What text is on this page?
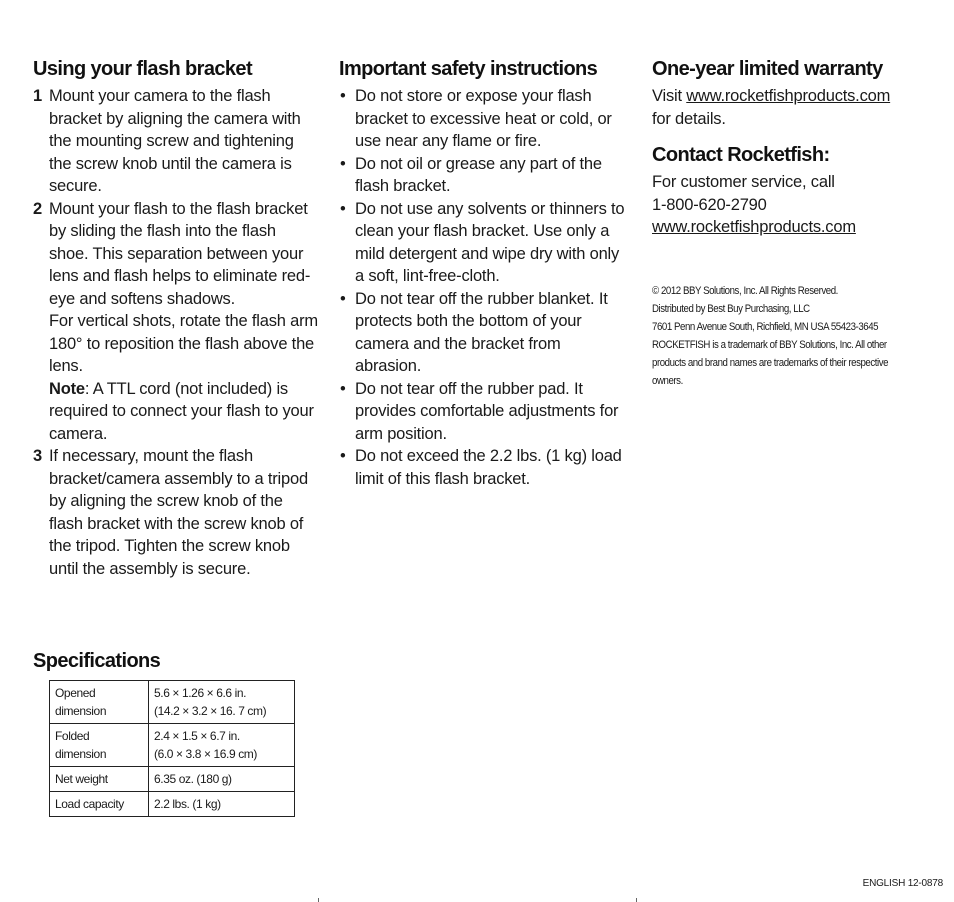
Using your flash bracket
1 Mount your camera to the flash bracket by aligning the camera with the mounting screw and tightening the screw knob until the camera is secure.

2 Mount your flash to the flash bracket by sliding the flash into the flash shoe. This separation between your lens and flash helps to eliminate red-eye and softens shadows.

For vertical shots, rotate the flash arm 180° to reposition the flash above the lens.

Note: A TTL cord (not included) is required to connect your flash to your camera.

3 If necessary, mount the flash bracket/camera assembly to a tripod by aligning the screw knob of the flash bracket with the screw knob of the tripod. Tighten the screw knob until the assembly is secure.

Important safety instructions
• Do not store or expose your flash bracket to excessive heat or cold, or use near any flame or fire.
• Do not oil or grease any part of the flash bracket.
• Do not use any solvents or thinners to clean your flash bracket. Use only a mild detergent and wipe dry with only a soft, lint-free-cloth.
• Do not tear off the rubber blanket. It protects both the bottom of your camera and the bracket from abrasion.
• Do not tear off the rubber pad. It provides comfortable adjustments for arm position.
• Do not exceed the 2.2 lbs. (1 kg) load limit of this flash bracket.
One-year limited warranty
Visit www.rocketfishproducts.com
for details.
Contact Rocketfish:
For customer service, call
1-800-620-2790
www.rocketfishproducts.com

© 2012 BBY Solutions, Inc. All Rights Reserved.

Distributed by Best Buy Purchasing, LLC

7601 Penn Avenue South, Richfield, MN USA 55423-3645

ROCKETFISH is a trademark of BBY Solutions, Inc. All other products and brand names are trademarks of their respective owners.

Specifications
Opened dimension	5.6 × 1.26 × 6.6 in.
(14.2 × 3.2 × 16. 7 cm)

Folded dimension	2.4 × 1.5 × 6.7 in.
(6.0 × 3.8 × 16.9 cm)

Net weight	6.35 oz. (180 g)
Load capacity	2.2 lbs. (1 kg)
ENGLISH 12-0878
